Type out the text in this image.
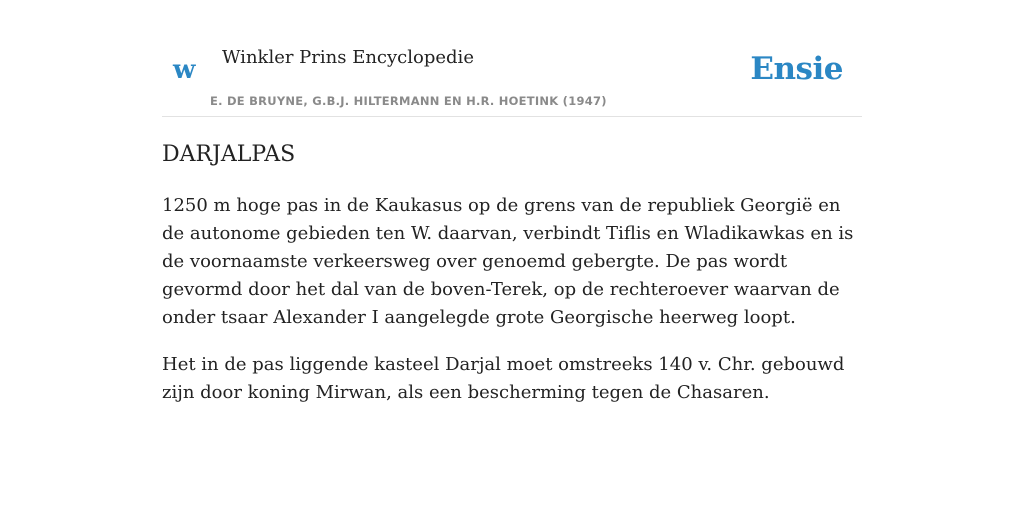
w Winkler Prins Encyclopedie
E. DE BRUYNE, G.B.J. HILTERMANN EN H.R. HOETINK (1947)
Ensie
DARJALPAS

1250 m hoge pas in de Kaukasus op de grens van de republiek Georgië en de autonome gebieden ten W. daarvan, verbindt Tiflis en Wladikawkas en is de voornaamste verkeersweg over genoemd gebergte. De pas wordt gevormd door het dal van de boven-Terek, op de rechteroever waarvan de onder tsaar Alexander I aangelegde grote Georgische heerweg loopt.

Het in de pas liggende kasteel Darjal moet omstreeks 140 v. Chr. gebouwd zijn door koning Mirwan, als een bescherming tegen de Chasaren.
